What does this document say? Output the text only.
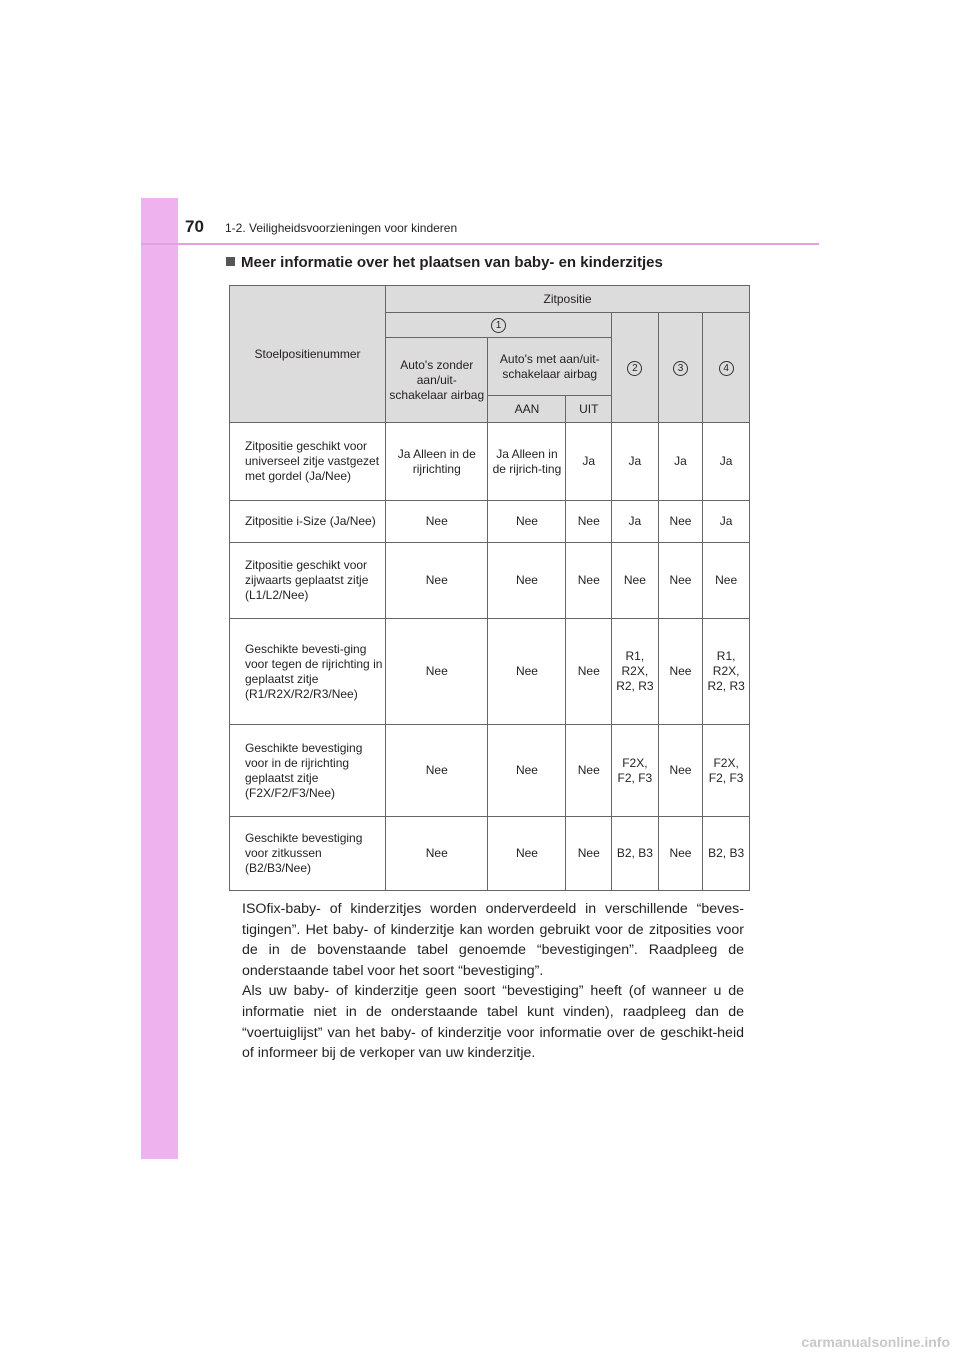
70 1-2. Veiligheidsvoorzieningen voor kinderen
Meer informatie over het plaatsen van baby- en kinderzitjes
Stoelpositienummer	Zitpositie					
	1			2	3	4
	Auto's zonder aan/uit-schakelaar airbag	Auto's met aan/uit-schakelaar airbag				
		AAN	UIT			
Zitpositie geschikt voor universeel zitje vastgezet met gordel (Ja/Nee)	Ja Alleen in de rijrichting	Ja Alleen in de rijrich-ting	Ja	Ja	Ja	Ja
Zitpositie i-Size (Ja/Nee)	Nee	Nee	Nee	Ja	Nee	Ja
Zitpositie geschikt voor zijwaarts geplaatst zitje (L1/L2/Nee)	Nee	Nee	Nee	Nee	Nee	Nee
Geschikte bevesti-ging voor tegen de rijrichting in geplaatst zitje (R1/R2X/R2/R3/Nee)	Nee	Nee	Nee	R1, R2X, R2, R3	Nee	R1, R2X, R2, R3
Geschikte bevestiging voor in de rijrichting geplaatst zitje (F2X/F2/F3/Nee)	Nee	Nee	Nee	F2X, F2, F3	Nee	F2X, F2, F3
Geschikte bevestiging voor zitkussen (B2/B3/Nee)	Nee	Nee	Nee	B2, B3	Nee	B2, B3

ISOfix-baby- of kinderzitjes worden onderverdeeld in verschillende “beves-tigingen”. Het baby- of kinderzitje kan worden gebruikt voor de zitposities voor de in de bovenstaande tabel genoemde “bevestigingen”. Raadpleeg de onderstaande tabel voor het soort “bevestiging”.

Als uw baby- of kinderzitje geen soort “bevestiging” heeft (of wanneer u de informatie niet in de onderstaande tabel kunt vinden), raadpleeg dan de “voertuiglijst” van het baby- of kinderzitje voor informatie over de geschikt-heid of informeer bij de verkoper van uw kinderzitje.

carmanualsonline.info
